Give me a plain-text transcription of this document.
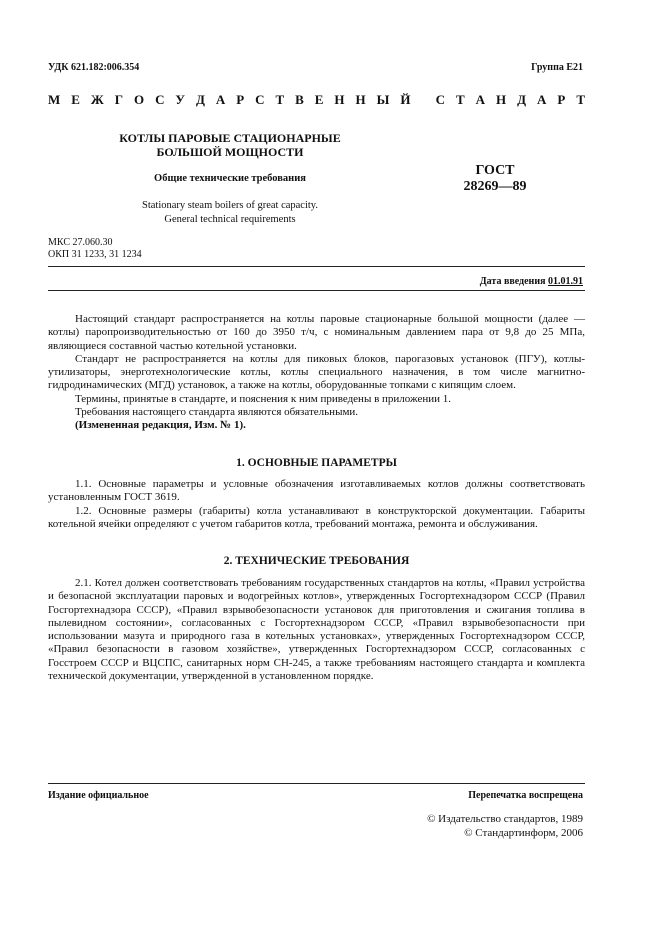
УДК 621.182:006.354	Группа Е21
М Е Ж Г О С У Д А Р С Т В Е Н Н Ы Й
С Т А Н Д А Р Т
КОТЛЫ ПАРОВЫЕ СТАЦИОНАРНЫЕ
БОЛЬШОЙ МОЩНОСТИ
Общие технические требования
Stationary steam boilers of great capacity.
General technical requirements
ГОСТ
28269—89
МКС 27.060.30
ОКП 31 1233, 31 1234
Дата введения 01.01.91

Настоящий стандарт распространяется на котлы паровые стационарные большой мощности (далее — котлы) паропроизводительностью от 160 до 3950 т/ч, с номинальным давлением пара от 9,8 до 25 МПа, являющиеся составной частью котельной установки.

Стандарт не распространяется на котлы для пиковых блоков, парогазовых установок (ПГУ), котлы-утилизаторы, энерготехнологические котлы, котлы специального назначения, в том числе магнитно-гидродинамических (МГД) установок, а также на котлы, оборудованные топками с кипящим слоем.

Термины, принятые в стандарте, и пояснения к ним приведены в приложении 1.

Требования настоящего стандарта являются обязательными.

(Измененная редакция, Изм. № 1).

1. ОСНОВНЫЕ ПАРАМЕТРЫ

1.1. Основные параметры и условные обозначения изготавливаемых котлов должны соответствовать установленным ГОСТ 3619.

1.2. Основные размеры (габариты) котла устанавливают в конструкторской документации. Габариты котельной ячейки определяют с учетом габаритов котла, требований монтажа, ремонта и обслуживания.

2. ТЕХНИЧЕСКИЕ ТРЕБОВАНИЯ

2.1. Котел должен соответствовать требованиям государственных стандартов на котлы, «Правил устройства и безопасной эксплуатации паровых и водогрейных котлов», утвержденных Госгортехнадзором СССР (Правил Госгортехнадзора СССР), «Правил взрывобезопасности установок для приготовления и сжигания топлива в пылевидном состоянии», согласованных с Госгортехнадзором СССР, «Правил взрывобезопасности при использовании мазута и природного газа в котельных установках», утвержденных Госгортехнадзором СССР, «Правил безопасности в газовом хозяйстве», утвержденных Госгортехнадзором СССР, согласованных с Госстроем СССР и ВЦСПС, санитарных норм СН-245, а также требованиям настоящего стандарта и комплекта технической документации, утвержденной в установленном порядке.

Издание официальное	Перепечатка воспрещена
© Издательство стандартов, 1989
© Стандартинформ, 2006
